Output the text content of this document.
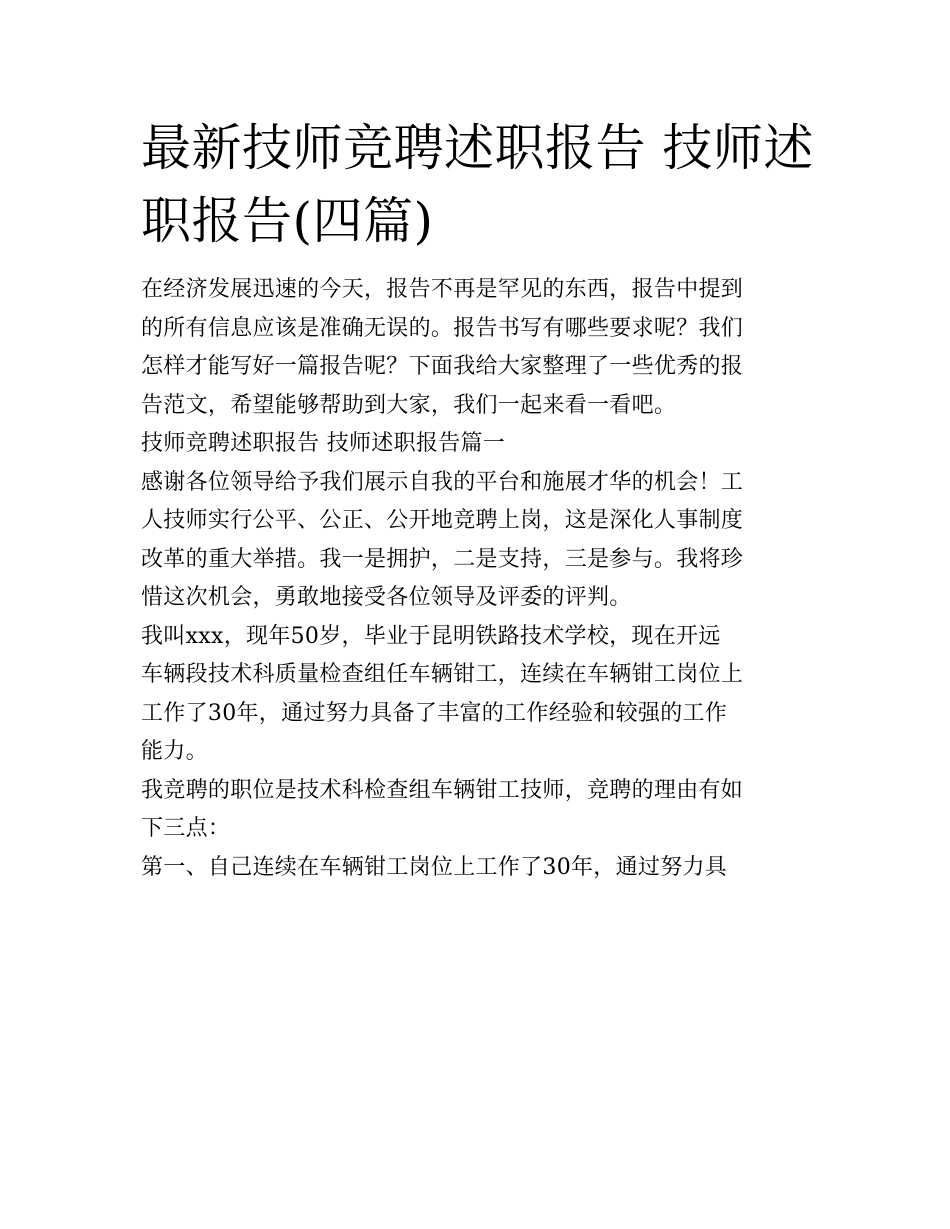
最新技师竞聘述职报告 技师述
职报告(四篇)

在经济发展迅速的今天，报告不再是罕见的东西，报告中提到
的所有信息应该是准确无误的。报告书写有哪些要求呢？我们
怎样才能写好一篇报告呢？下面我给大家整理了一些优秀的报
告范文，希望能够帮助到大家，我们一起来看一看吧。

技师竞聘述职报告 技师述职报告篇一

感谢各位领导给予我们展示自我的平台和施展才华的机会！工
人技师实行公平、公正、公开地竞聘上岗，这是深化人事制度
改革的重大举措。我一是拥护，二是支持，三是参与。我将珍
惜这次机会，勇敢地接受各位领导及评委的评判。

我叫xxx，现年50岁，毕业于昆明铁路技术学校，现在开远
车辆段技术科质量检查组任车辆钳工，连续在车辆钳工岗位上
工作了30年，通过努力具备了丰富的工作经验和较强的工作
能力。

我竞聘的职位是技术科检查组车辆钳工技师，竞聘的理由有如
下三点：

第一、自己连续在车辆钳工岗位上工作了30年，通过努力具
